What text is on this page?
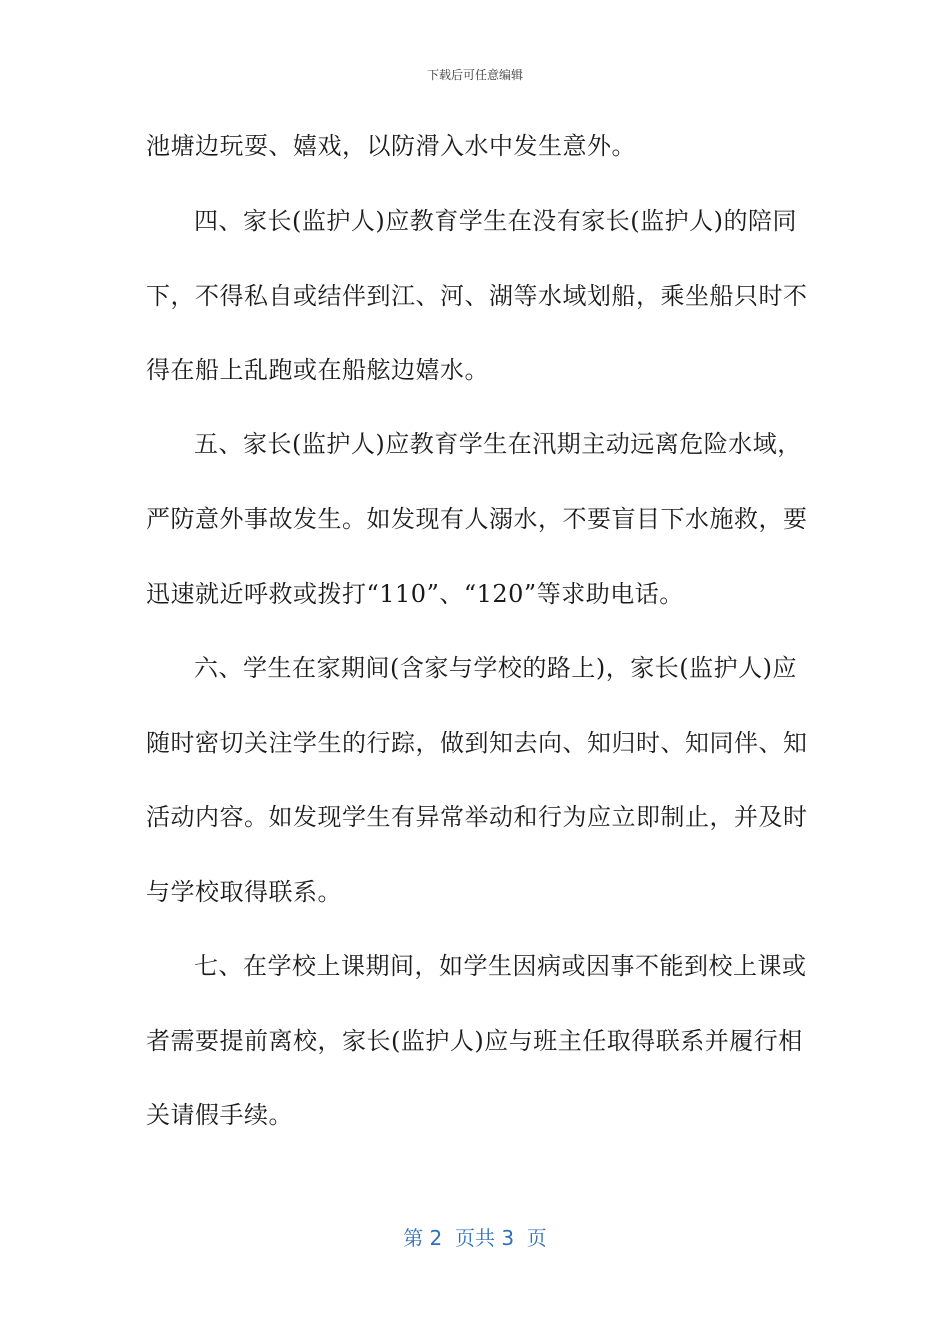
下载后可任意编辑
池塘边玩耍、嬉戏，以防滑入水中发生意外。
四、家长(监护人)应教育学生在没有家长(监护人)的陪同
下，不得私自或结伴到江、河、湖等水域划船，乘坐船只时不
得在船上乱跑或在船舷边嬉水。
五、家长(监护人)应教育学生在汛期主动远离危险水域，
严防意外事故发生。如发现有人溺水，不要盲目下水施救，要
迅速就近呼救或拨打“110”、“120”等求助电话。
六、学生在家期间(含家与学校的路上)，家长(监护人)应
随时密切关注学生的行踪，做到知去向、知归时、知同伴、知
活动内容。如发现学生有异常举动和行为应立即制止，并及时
与学校取得联系。
七、在学校上课期间，如学生因病或因事不能到校上课或
者需要提前离校，家长(监护人)应与班主任取得联系并履行相
关请假手续。
第 2  页共 3  页
